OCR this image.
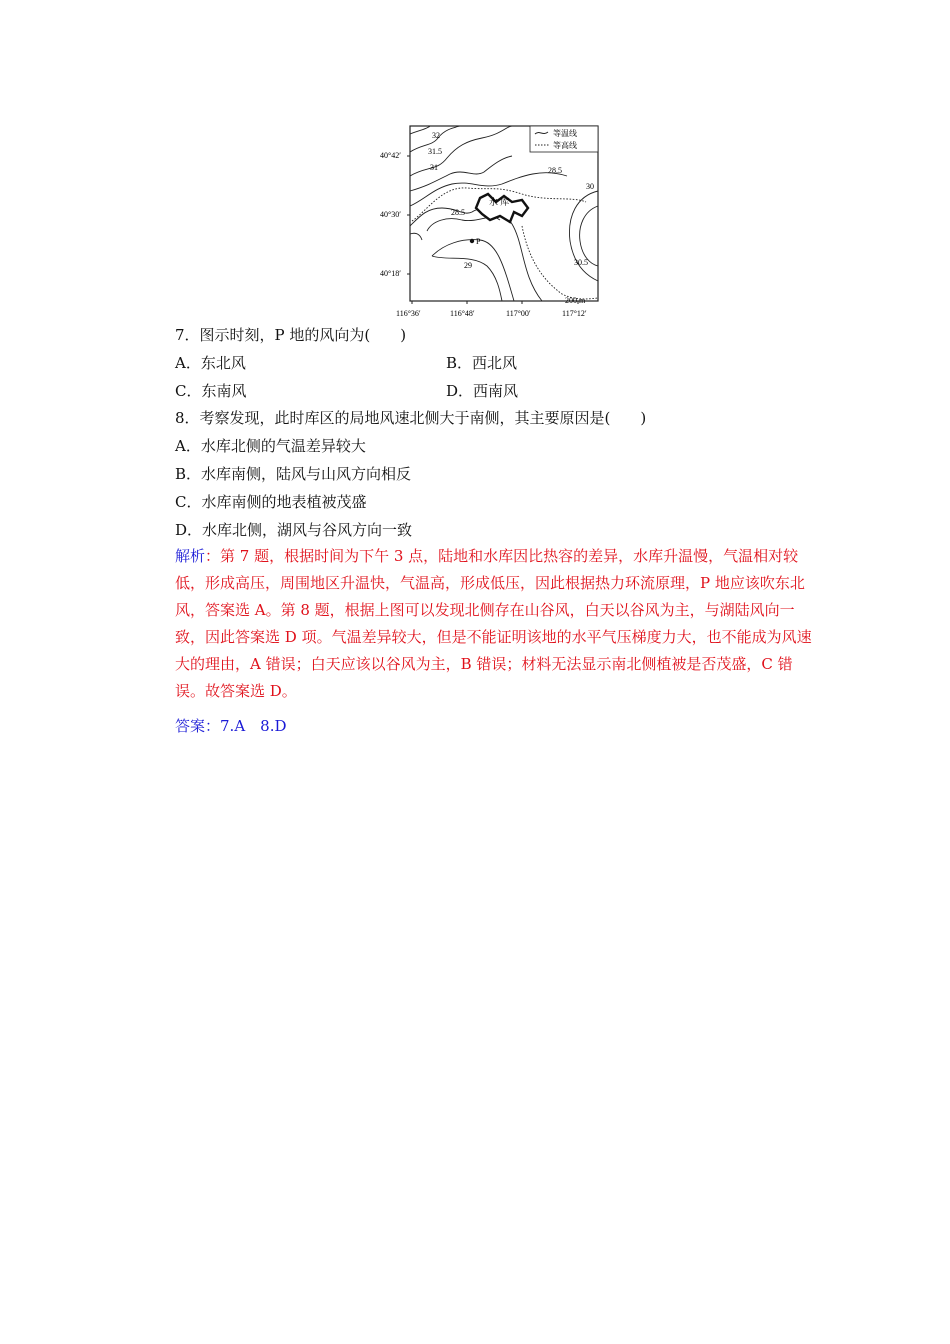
等温线
等高线
水 库
P
32
31.5
31	28.5
28.5
30
30.5
29
200 m
40°42′
40°30′
40°18′
116°36′	116°48′	117°00′	117°12′
7．图示时刻，P 地的风向为(　　)
A．东北风	B．西北风
C．东南风	D．西南风
8．考察发现，此时库区的局地风速北侧大于南侧，其主要原因是(　　)
A．水库北侧的气温差异较大
B．水库南侧，陆风与山风方向相反
C．水库南侧的地表植被茂盛
D．水库北侧，湖风与谷风方向一致
解析：第 7 题，根据时间为下午 3 点，陆地和水库因比热容的差异，水库升温慢，气温相对较低，形成高压，周围地区升温快，气温高，形成低压，因此根据热力环流原理，P 地应该吹东北风，答案选 A。第 8 题，根据上图可以发现北侧存在山谷风，白天以谷风为主，与湖陆风向一致，因此答案选 D 项。气温差异较大，但是不能证明该地的水平气压梯度力大，也不能成为风速大的理由，A 错误；白天应该以谷风为主，B 错误；材料无法显示南北侧植被是否茂盛，C 错误。故答案选 D。
答案：7.A　8.D
